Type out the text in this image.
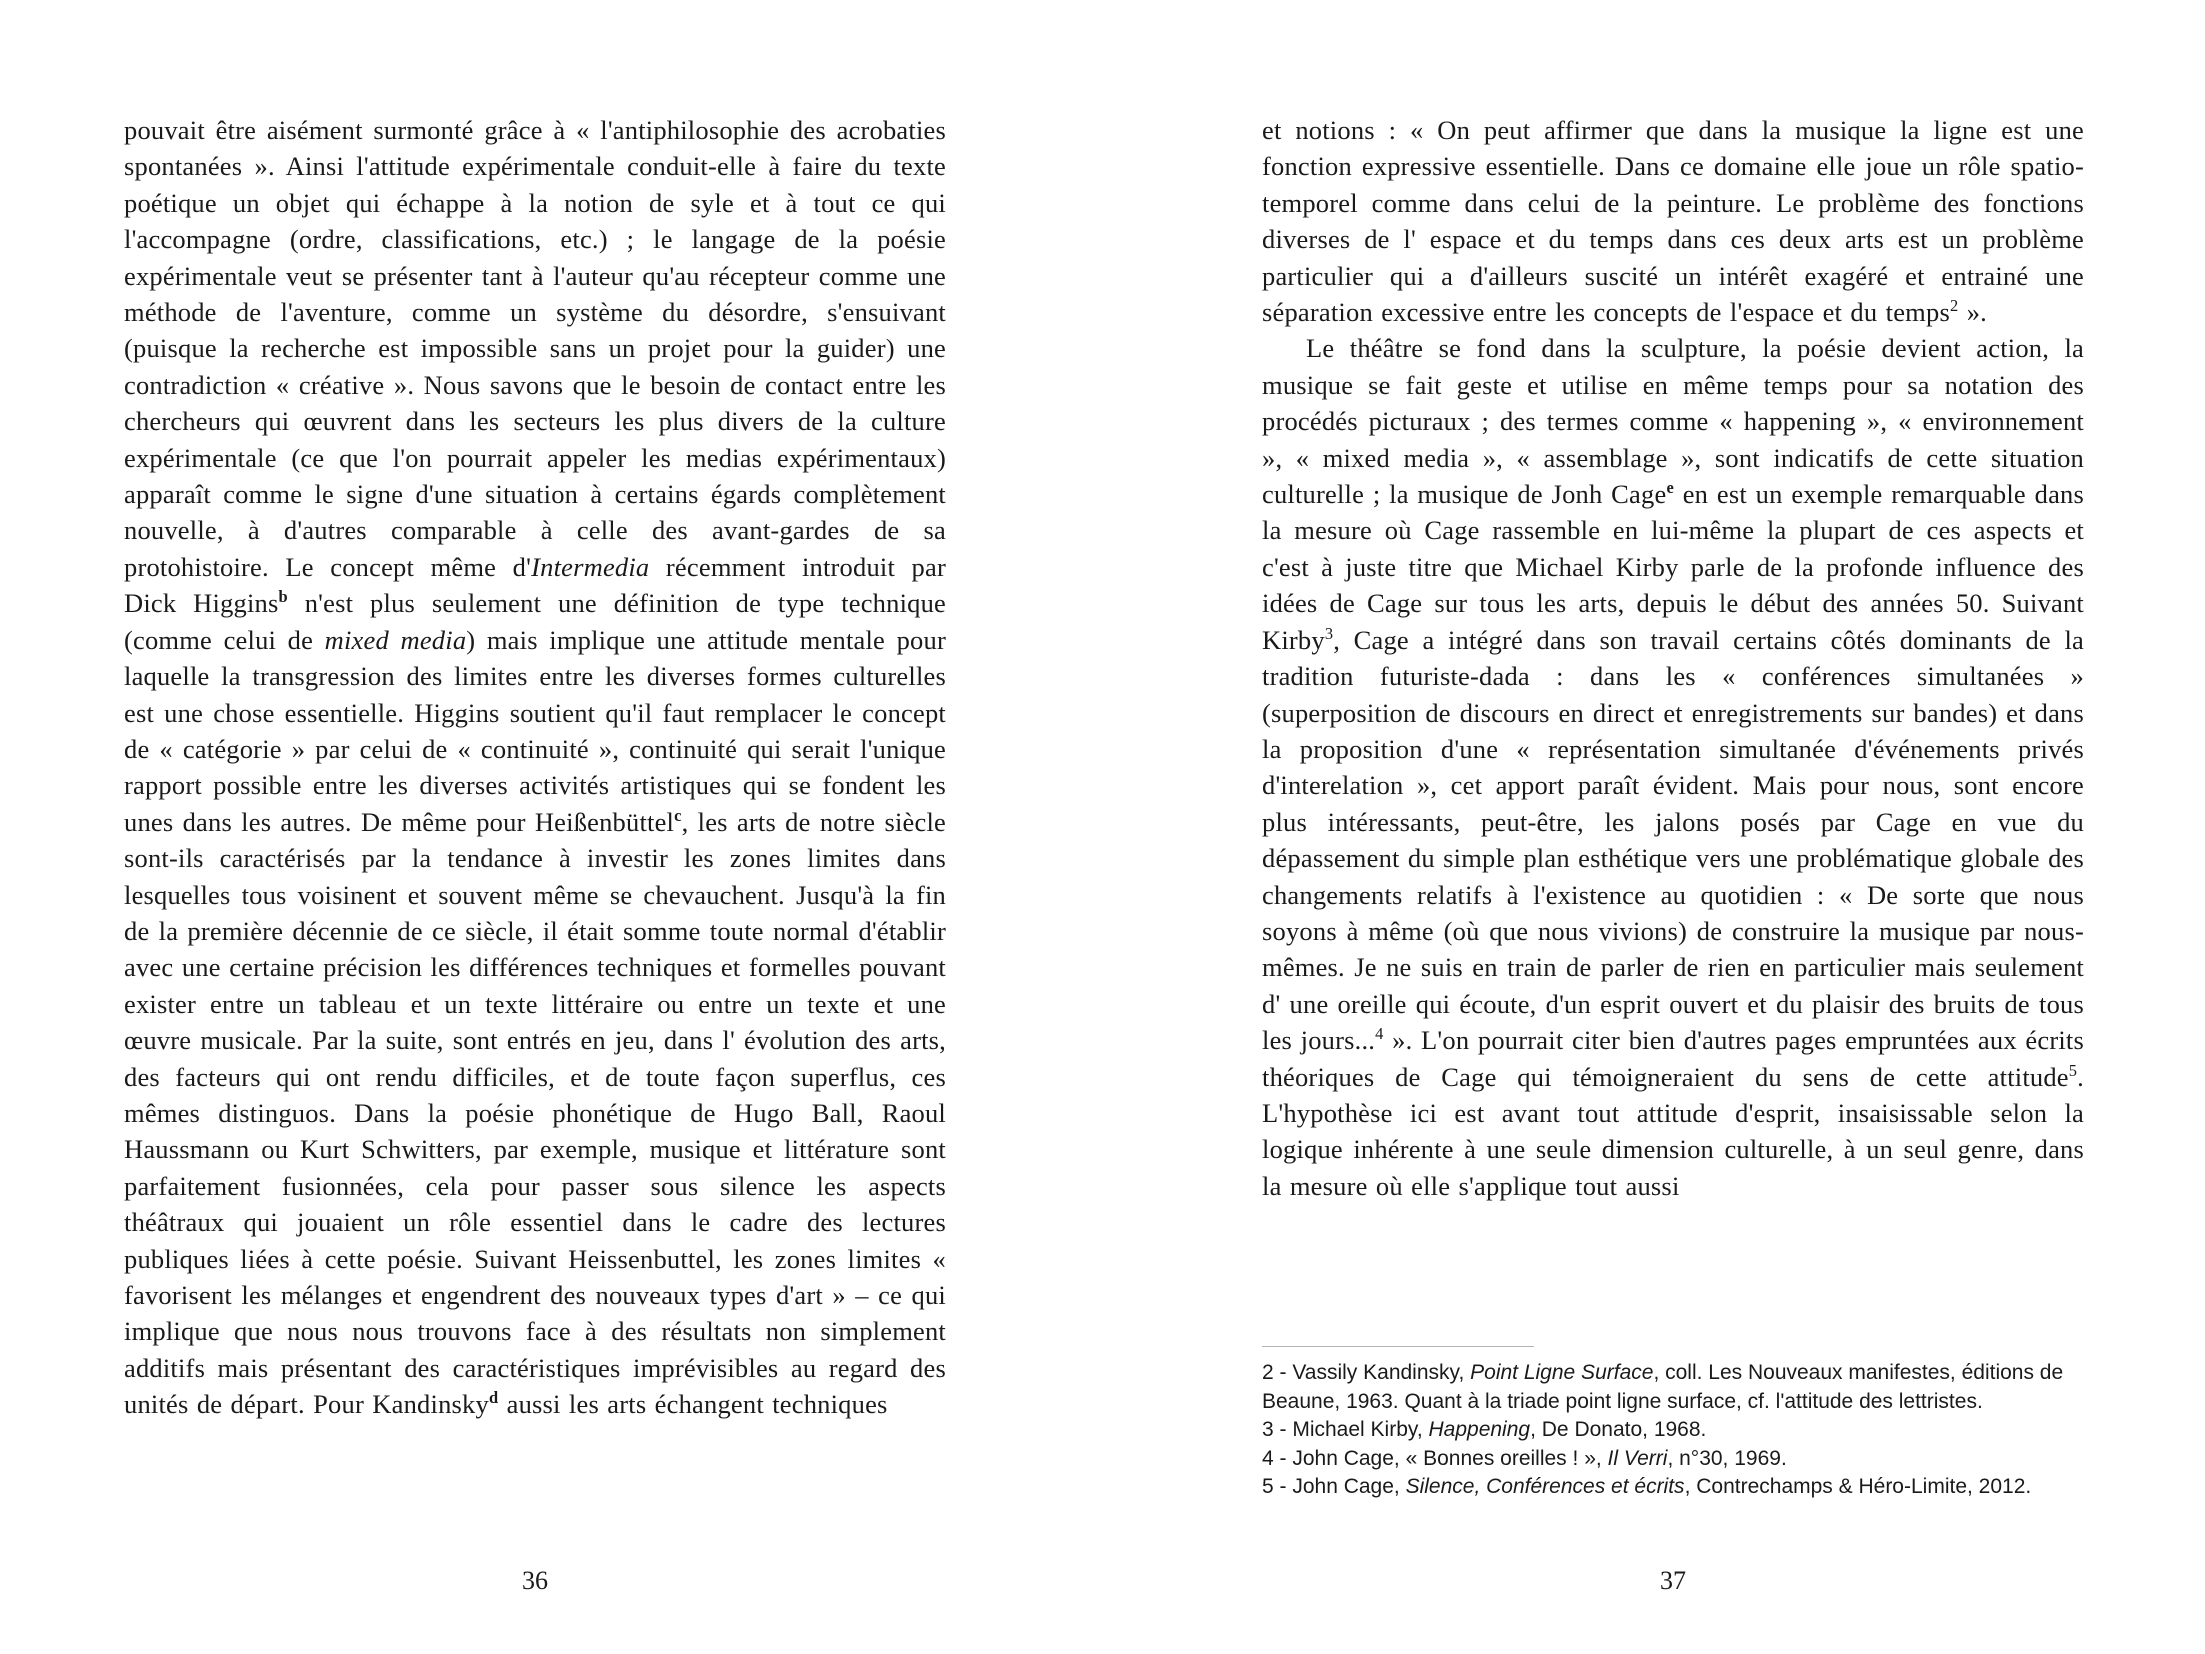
pouvait être aisément surmonté grâce à « l'antiphilosophie des acrobaties spontanées ». Ainsi l'attitude expérimentale conduit-elle à faire du texte poétique un objet qui échappe à la notion de syle et à tout ce qui l'accompagne (ordre, classifications, etc.) ; le langage de la poésie expérimentale veut se présenter tant à l'auteur qu'au récepteur comme une méthode de l'aventure, comme un système du désordre, s'ensuivant (puisque la recherche est impossible sans un projet pour la guider) une contradiction « créative ». Nous savons que le besoin de contact entre les chercheurs qui œuvrent dans les secteurs les plus divers de la culture expérimentale (ce que l'on pourrait appeler les medias expérimentaux) apparaît comme le signe d'une situation à certains égards complètement nouvelle, à d'autres comparable à celle des avant-gardes de sa protohistoire. Le concept même d'Intermedia récemment introduit par Dick Higgins$^b$ n'est plus seulement une définition de type technique (comme celui de mixed media) mais implique une attitude mentale pour laquelle la transgression des limites entre les diverses formes culturelles est une chose essentielle. Higgins soutient qu'il faut remplacer le concept de « catégorie » par celui de « continuité », continuité qui serait l'unique rapport possible entre les diverses activités artistiques qui se fondent les unes dans les autres. De même pour Heißenbüttel$^c$, les arts de notre siècle sont-ils caractérisés par la tendance à investir les zones limites dans lesquelles tous voisinent et souvent même se chevauchent. Jusqu'à la fin de la première décennie de ce siècle, il était somme toute normal d'établir avec une certaine précision les différences techniques et formelles pouvant exister entre un tableau et un texte littéraire ou entre un texte et une œuvre musicale. Par la suite, sont entrés en jeu, dans l' évolution des arts, des facteurs qui ont rendu difficiles, et de toute façon superflus, ces mêmes distinguos. Dans la poésie phonétique de Hugo Ball, Raoul Haussmann ou Kurt Schwitters, par exemple, musique et littérature sont parfaitement fusionnées, cela pour passer sous silence les aspects théâtraux qui jouaient un rôle essentiel dans le cadre des lectures publiques liées à cette poésie. Suivant Heissenbuttel, les zones limites « favorisent les mélanges et engendrent des nouveaux types d'art » – ce qui implique que nous nous trouvons face à des résultats non simplement additifs mais présentant des caractéristiques imprévisibles au regard des unités de départ. Pour Kandinsky$^d$ aussi les arts échangent techniques

et notions : « On peut affirmer que dans la musique la ligne est une fonction expressive essentielle. Dans ce domaine elle joue un rôle spatio-temporel comme dans celui de la peinture. Le problème des fonctions diverses de l' espace et du temps dans ces deux arts est un problème particulier qui a d'ailleurs suscité un intérêt exagéré et entrainé une séparation excessive entre les concepts de l'espace et du temps$^2$ ».

Le théâtre se fond dans la sculpture, la poésie devient action, la musique se fait geste et utilise en même temps pour sa notation des procédés picturaux ; des termes comme « happening », « environnement », « mixed media », « assemblage », sont indicatifs de cette situation culturelle ; la musique de Jonh Cage$^e$ en est un exemple remarquable dans la mesure où Cage rassemble en lui-même la plupart de ces aspects et c'est à juste titre que Michael Kirby parle de la profonde influence des idées de Cage sur tous les arts, depuis le début des années 50. Suivant Kirby$^3$, Cage a intégré dans son travail certains côtés dominants de la tradition futuriste-dada : dans les « conférences simultanées » (superposition de discours en direct et enregistrements sur bandes) et dans la proposition d'une « représentation simultanée d'événements privés d'interelation », cet apport paraît évident. Mais pour nous, sont encore plus intéressants, peut-être, les jalons posés par Cage en vue du dépassement du simple plan esthétique vers une problématique globale des changements relatifs à l'existence au quotidien : « De sorte que nous soyons à même (où que nous vivions) de construire la musique par nous-mêmes. Je ne suis en train de parler de rien en particulier mais seulement d' une oreille qui écoute, d'un esprit ouvert et du plaisir des bruits de tous les jours...$^4$ ». L'on pourrait citer bien d'autres pages empruntées aux écrits théoriques de Cage qui témoigneraient du sens de cette attitude$^5$. L'hypothèse ici est avant tout attitude d'esprit, insaisissable selon la logique inhérente à une seule dimension culturelle, à un seul genre, dans la mesure où elle s'applique tout aussi

2 - Vassily Kandinsky, Point Ligne Surface, coll. Les Nouveaux manifestes, éditions de Beaune, 1963. Quant à la triade point ligne surface, cf. l'attitude des lettristes.

3 - Michael Kirby, Happening, De Donato, 1968.

4 - John Cage, « Bonnes oreilles ! », Il Verri, n°30, 1969.

5 - John Cage, Silence, Conférences et écrits, Contrechamps & Héro-Limite, 2012.

36	37
